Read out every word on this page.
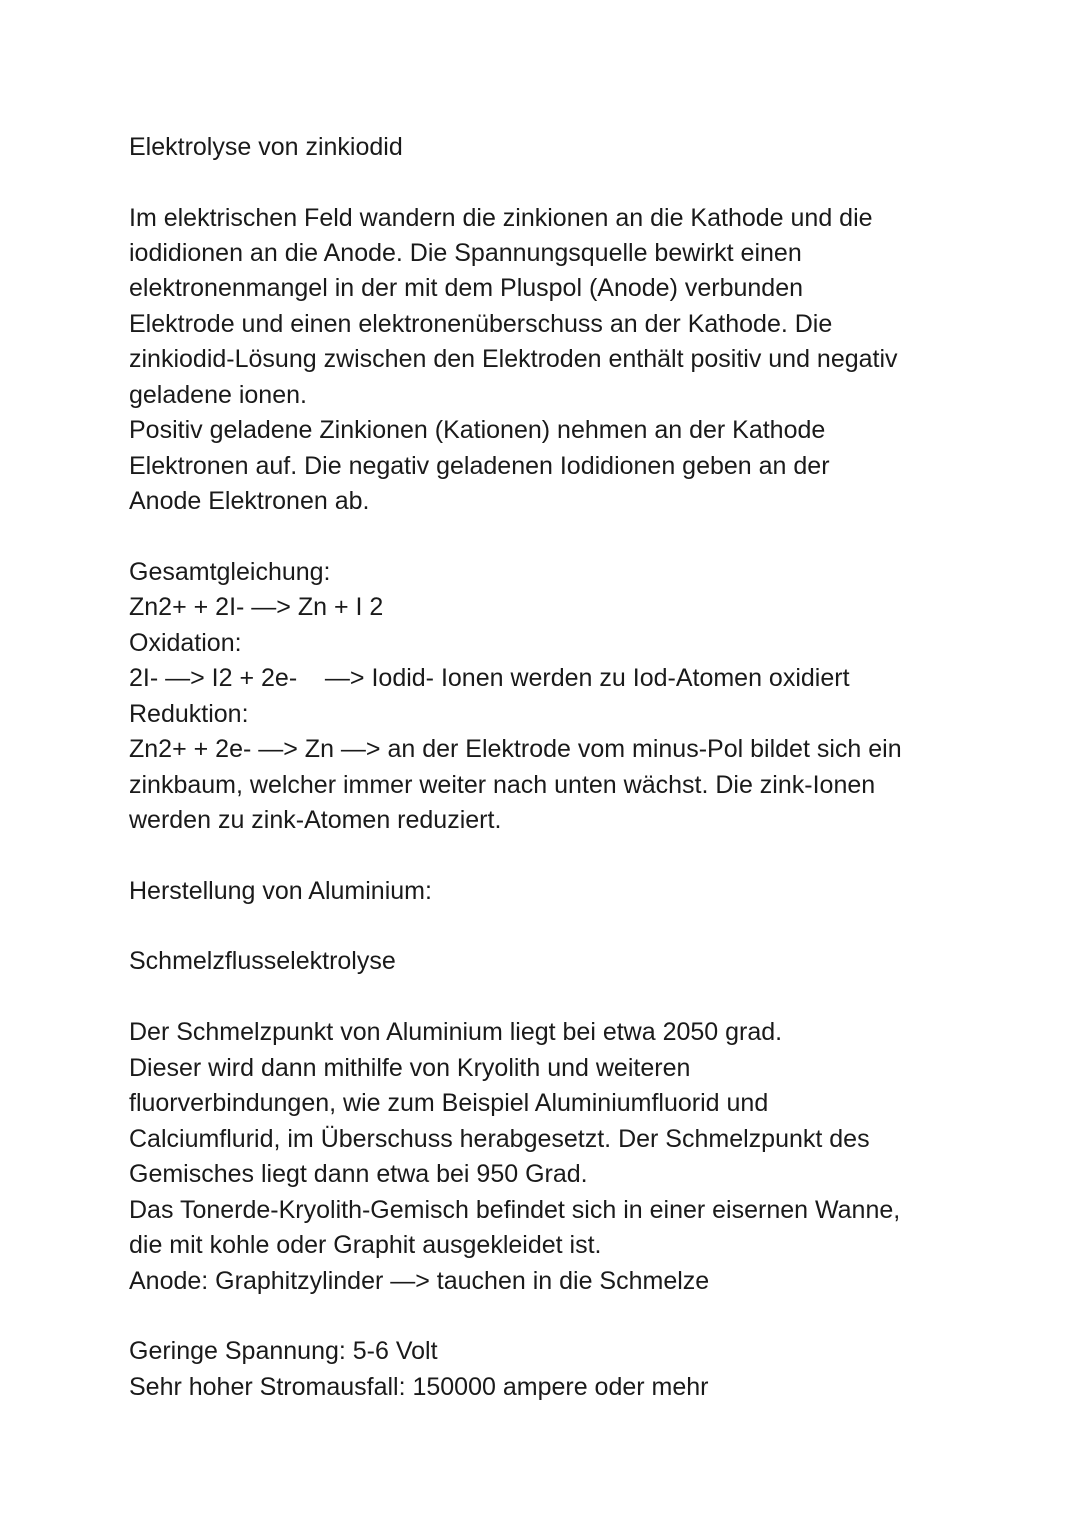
Elektrolyse von zinkiodid

Im elektrischen Feld wandern die zinkionen an die Kathode und die

iodidionen an die Anode. Die Spannungsquelle bewirkt einen

elektronenmangel in der mit dem Pluspol (Anode) verbunden

Elektrode und einen elektronenüberschuss an der Kathode. Die

zinkiodid-Lösung zwischen den Elektroden enthält positiv und negativ

geladene ionen.

Positiv geladene Zinkionen (Kationen) nehmen an der Kathode

Elektronen auf. Die negativ geladenen Iodidionen geben an der

Anode Elektronen ab.

Gesamtgleichung:

Zn2+ + 2I- —> Zn + I 2

Oxidation:

2I- —> I2 + 2e-    —> Iodid- Ionen werden zu Iod-Atomen oxidiert

Reduktion:

Zn2+ + 2e- —> Zn —> an der Elektrode vom minus-Pol bildet sich ein

zinkbaum, welcher immer weiter nach unten wächst. Die zink-Ionen

werden zu zink-Atomen reduziert.

Herstellung von Aluminium:

Schmelzflusselektrolyse

Der Schmelzpunkt von Aluminium liegt bei etwa 2050 grad.

Dieser wird dann mithilfe von Kryolith und weiteren

fluorverbindungen, wie zum Beispiel Aluminiumfluorid und

Calciumflurid, im Überschuss herabgesetzt. Der Schmelzpunkt des

Gemisches liegt dann etwa bei 950 Grad.

Das Tonerde-Kryolith-Gemisch befindet sich in einer eisernen Wanne,

die mit kohle oder Graphit ausgekleidet ist.

Anode: Graphitzylinder —> tauchen in die Schmelze

Geringe Spannung: 5-6 Volt

Sehr hoher Stromausfall: 150000 ampere oder mehr
